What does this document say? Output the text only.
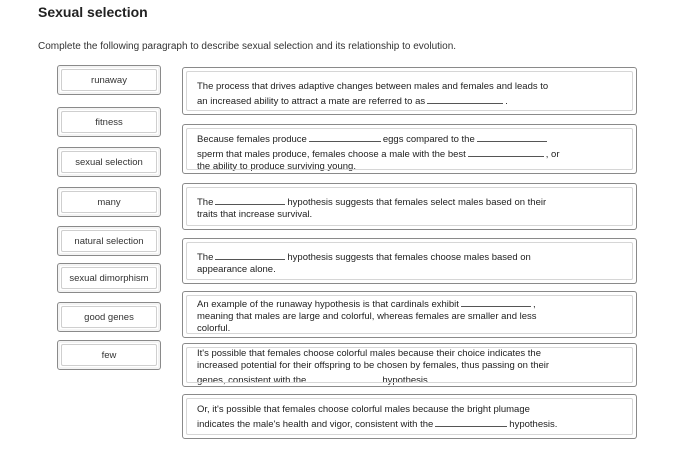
Sexual selection
Complete the following paragraph to describe sexual selection and its relationship to evolution.
runaway
fitness
sexual selection
many
natural selection
sexual dimorphism
good genes
few
The process that drives adaptive changes between males and females and leads to
an increased ability to attract a mate are referred to as	.
Because females produce	eggs compared to the
sperm that males produce, females choose a male with the best	, or
the ability to produce surviving young.
The	hypothesis suggests that females select males based on their
traits that increase survival.
The	hypothesis suggests that females choose males based on
appearance alone.
An example of the runaway hypothesis is that cardinals exhibit	,
meaning that males are large and colorful, whereas females are smaller and less
colorful.
It's possible that females choose colorful males because their choice indicates the
increased potential for their offspring to be chosen by females, thus passing on their
genes, consistent with the	hypothesis.
Or, it's possible that females choose colorful males because the bright plumage
indicates the male's health and vigor, consistent with the	hypothesis.
